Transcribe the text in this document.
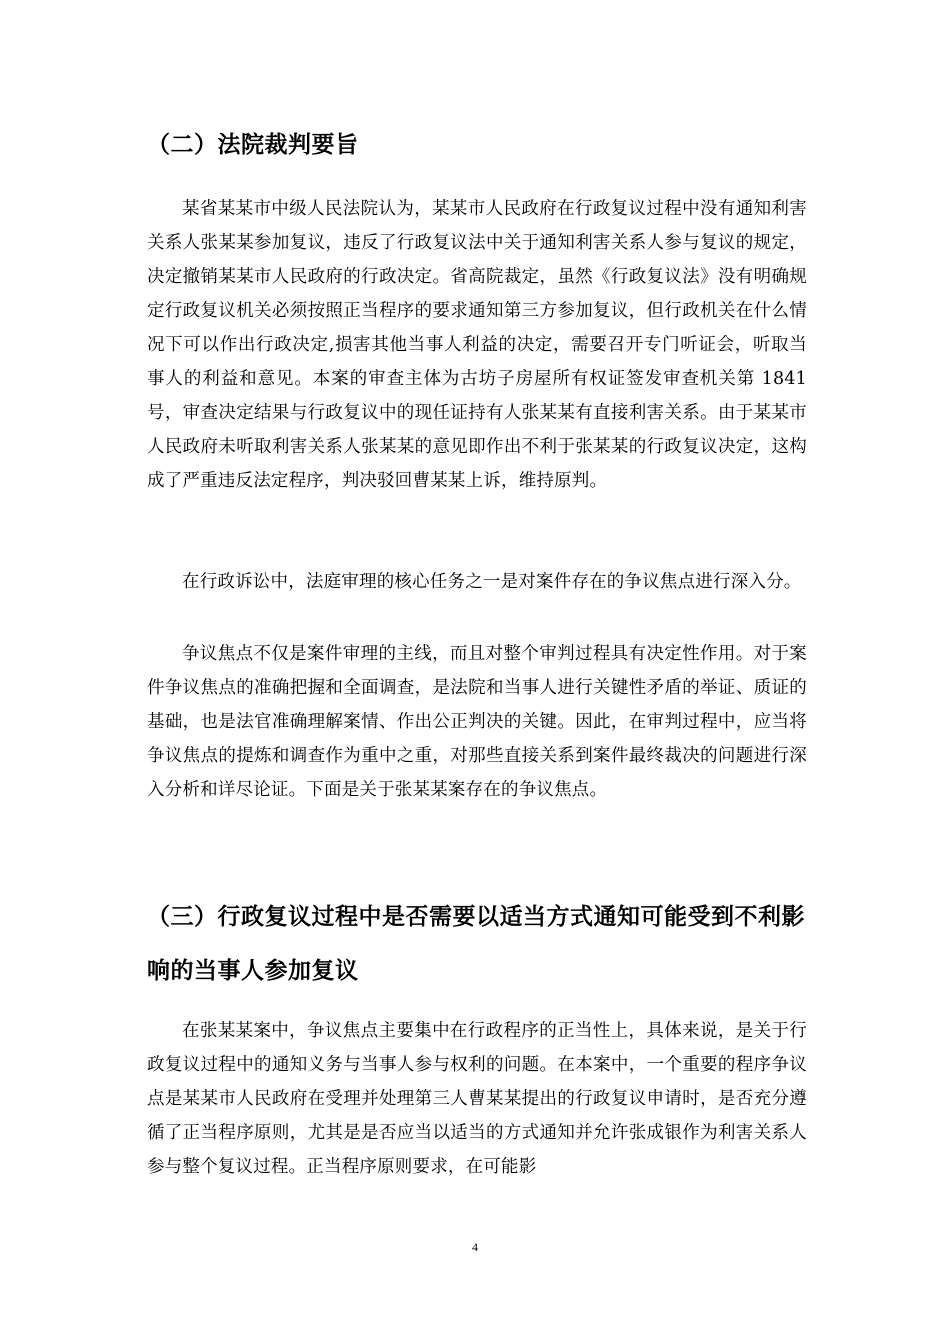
（二）法院裁判要旨

某省某某市中级人民法院认为，某某市人民政府在行政复议过程中没有通知利害关系人张某某参加复议，违反了行政复议法中关于通知利害关系人参与复议的规定，决定撤销某某市人民政府的行政决定。省高院裁定，虽然《行政复议法》没有明确规定行政复议机关必须按照正当程序的要求通知第三方参加复议，但行政机关在什么情况下可以作出行政决定,损害其他当事人利益的决定，需要召开专门听证会，听取当事人的利益和意见。本案的审查主体为古坊子房屋所有权证签发审查机关第 1841 号，审查决定结果与行政复议中的现任证持有人张某某有直接利害关系。由于某某市人民政府未听取利害关系人张某某的意见即作出不利于张某某的行政复议决定，这构成了严重违反法定程序，判决驳回曹某某上诉，维持原判。

在行政诉讼中，法庭审理的核心任务之一是对案件存在的争议焦点进行深入分。

争议焦点不仅是案件审理的主线，而且对整个审判过程具有决定性作用。对于案件争议焦点的准确把握和全面调查，是法院和当事人进行关键性矛盾的举证、质证的基础，也是法官准确理解案情、作出公正判决的关键。因此，在审判过程中，应当将争议焦点的提炼和调查作为重中之重，对那些直接关系到案件最终裁决的问题进行深入分析和详尽论证。下面是关于张某某案存在的争议焦点。

（三）行政复议过程中是否需要以适当方式通知可能受到不利影响的当事人参加复议

在张某某案中，争议焦点主要集中在行政程序的正当性上，具体来说，是关于行政复议过程中的通知义务与当事人参与权利的问题。在本案中，一个重要的程序争议点是某某市人民政府在受理并处理第三人曹某某提出的行政复议申请时，是否充分遵循了正当程序原则，尤其是是否应当以适当的方式通知并允许张成银作为利害关系人参与整个复议过程。正当程序原则要求，在可能影

4
